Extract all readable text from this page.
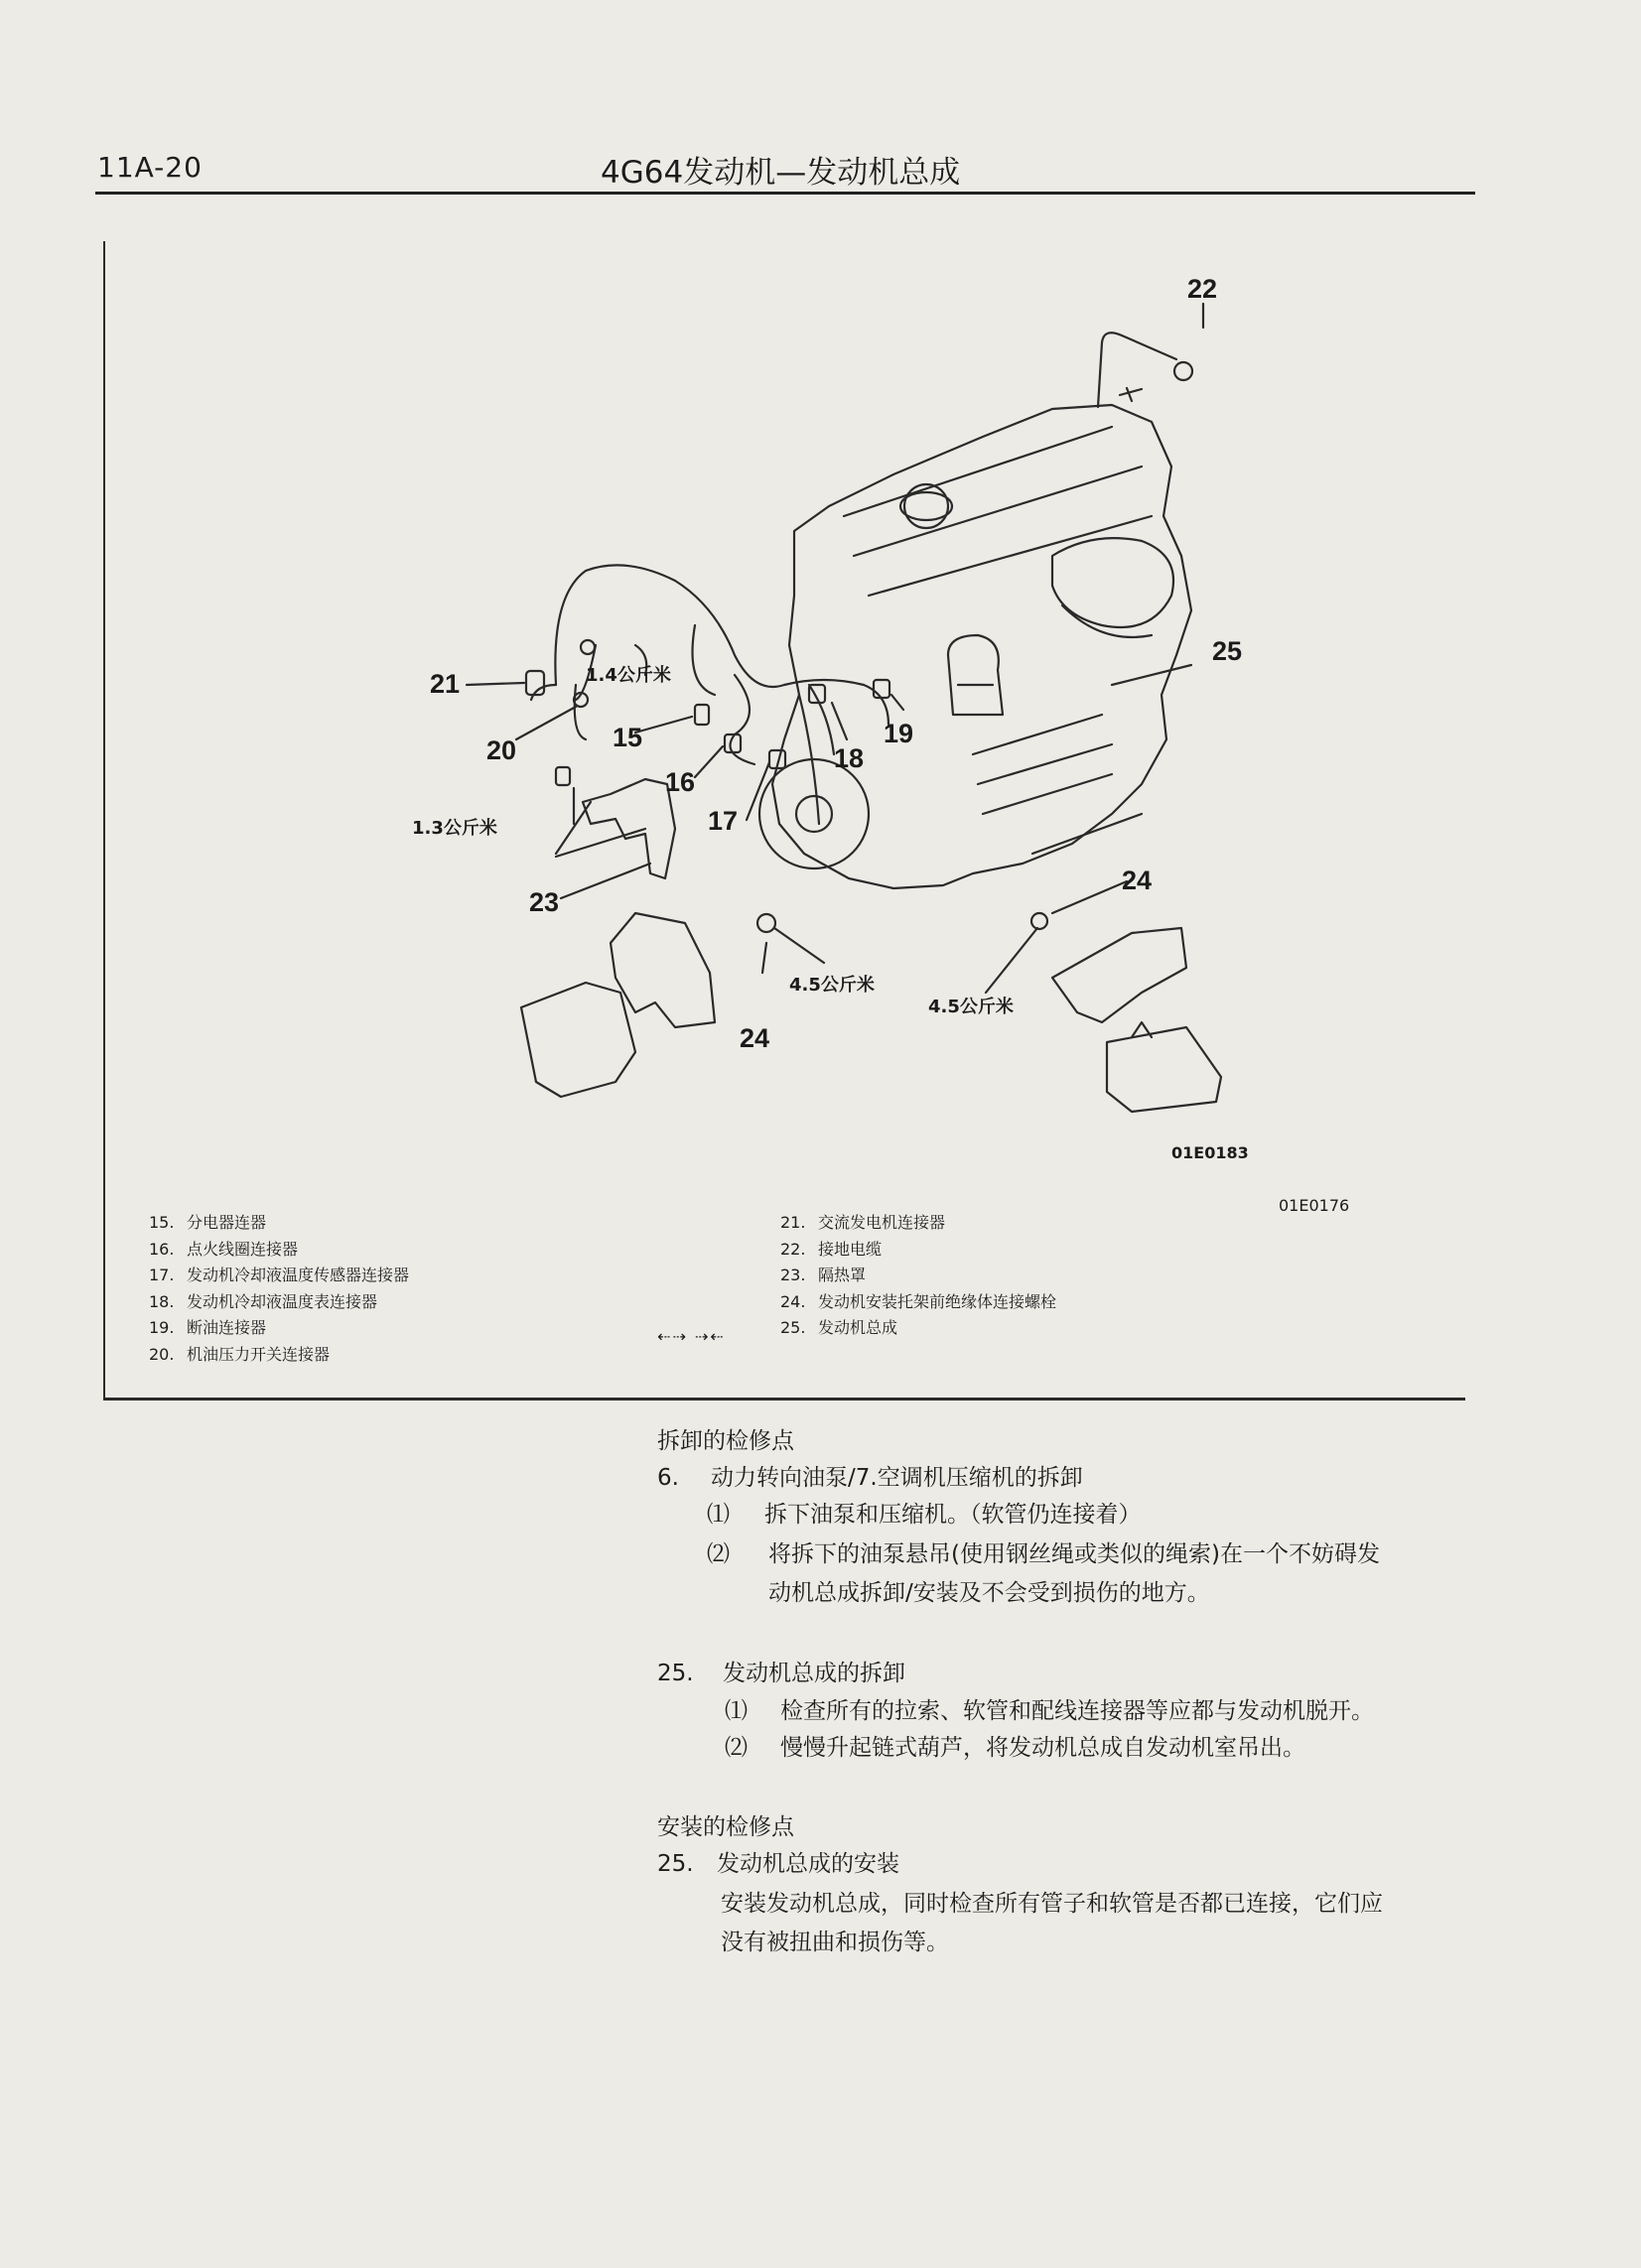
11A-20	4G64发动机—发动机总成
22
25
21
20	15
16
17
18
19
23
24
24
1.4公斤米
1.3公斤米
4.5公斤米
4.5公斤米
01E0183
01E0176
15. 分电器连器
16. 点火线圈连接器
17. 发动机冷却液温度传感器连接器
18. 发动机冷却液温度表连接器
19. 断油连接器
20. 机油压力开关连接器
21. 交流发电机连接器
22. 接地电缆
23. 隔热罩
24. 发动机安装托架前绝缘体连接螺栓
25. 发动机总成
⇠⇢ ⇢⇠
拆卸的检修点
6. 动力转向油泵/7.空调机压缩机的拆卸
⑴ 拆下油泵和压缩机。（软管仍连接着）
⑵ 将拆下的油泵悬吊(使用钢丝绳或类似的绳索)在一个不妨碍发
动机总成拆卸/安装及不会受到损伤的地方。
25. 发动机总成的拆卸
⑴ 检查所有的拉索、软管和配线连接器等应都与发动机脱开。
⑵ 慢慢升起链式葫芦，将发动机总成自发动机室吊出。
安装的检修点
25. 发动机总成的安装
安装发动机总成，同时检查所有管子和软管是否都已连接，它们应
没有被扭曲和损伤等。
